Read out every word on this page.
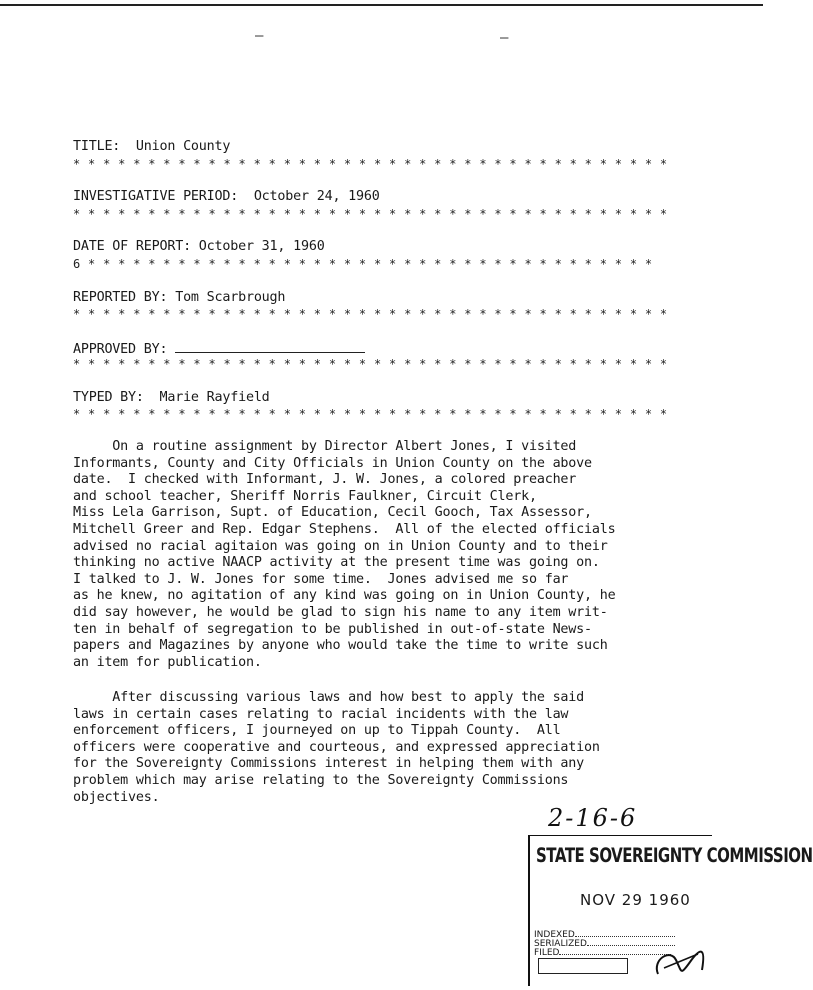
—	—
TITLE:  Union County
* * * * * * * * * * * * * * * * * * * * * * * * * * * * * * * * * * * * * * * *
INVESTIGATIVE PERIOD:  October 24, 1960
* * * * * * * * * * * * * * * * * * * * * * * * * * * * * * * * * * * * * * * *
DATE OF REPORT: October 31, 1960
6 * * * * * * * * * * * * * * * * * * * * * * * * * * * * * * * * * * * * * *
REPORTED BY: Tom Scarbrough
* * * * * * * * * * * * * * * * * * * * * * * * * * * * * * * * * * * * * * * *
APPROVED BY:
* * * * * * * * * * * * * * * * * * * * * * * * * * * * * * * * * * * * * * * *
TYPED BY:  Marie Rayfield
* * * * * * * * * * * * * * * * * * * * * * * * * * * * * * * * * * * * * * * *
On a routine assignment by Director Albert Jones, I visited
Informants, County and City Officials in Union County on the above
date.  I checked with Informant, J. W. Jones, a colored preacher
and school teacher, Sheriff Norris Faulkner, Circuit Clerk,
Miss Lela Garrison, Supt. of Education, Cecil Gooch, Tax Assessor,
Mitchell Greer and Rep. Edgar Stephens.  All of the elected officials
advised no racial agitaion was going on in Union County and to their
thinking no active NAACP activity at the present time was going on.
I talked to J. W. Jones for some time.  Jones advised me so far
as he knew, no agitation of any kind was going on in Union County, he
did say however, he would be glad to sign his name to any item writ-
ten in behalf of segregation to be published in out-of-state News-
papers and Magazines by anyone who would take the time to write such
an item for publication.
After discussing various laws and how best to apply the said
laws in certain cases relating to racial incidents with the law
enforcement officers, I journeyed on up to Tippah County.  All
officers were cooperative and courteous, and expressed appreciation
for the Sovereignty Commissions interest in helping them with any
problem which may arise relating to the Sovereignty Commissions
objectives.
2-16-6
STATE SOVEREIGNTY COMMISSION
NOV 29 1960
INDEXED
SERIALIZED
FILED
